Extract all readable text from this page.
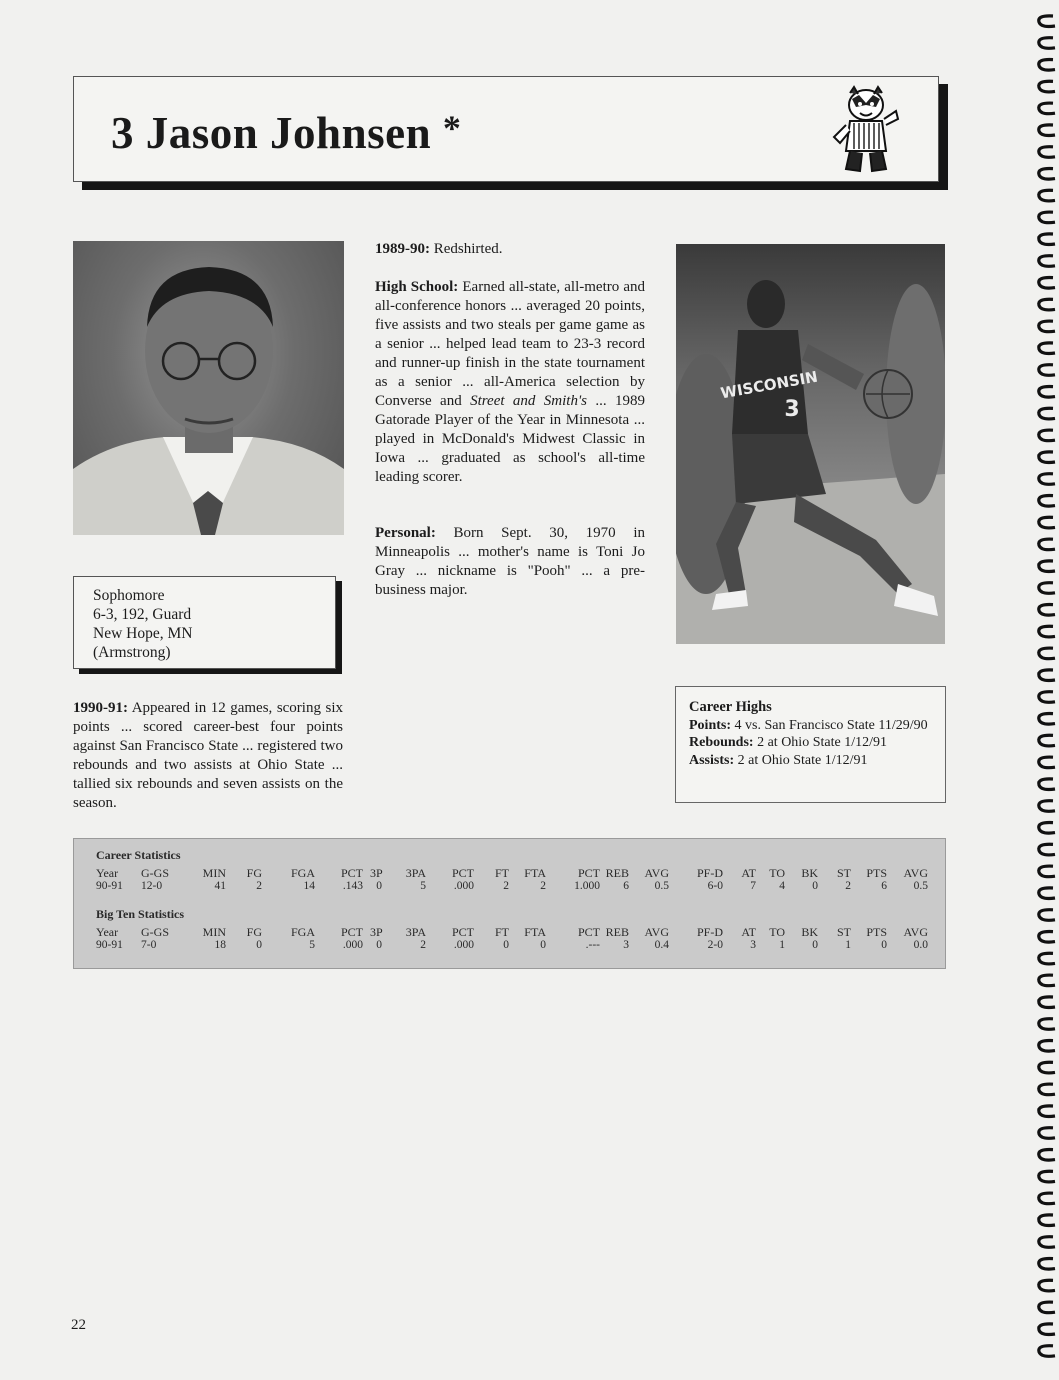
3 Jason Johnsen *
Sophomore
6-3, 192, Guard
New Hope, MN
(Armstrong)
1990-91: Appeared in 12 games, scoring six points ... scored career-best four points against San Francisco State ... registered two rebounds and two assists at Ohio State ... tallied six rebounds and seven assists on the season.
1989-90: Redshirted.
High School: Earned all-state, all-metro and all-conference honors ... averaged 20 points, five assists and two steals per game game as a senior ... helped lead team to 23-3 record and runner-up finish in the state tournament as a senior ... all-America selection by Converse and Street and Smith's ... 1989 Gatorade Player of the Year in Minnesota ... played in McDonald's Midwest Classic in Iowa ... graduated as school's all-time leading scorer.
Personal: Born Sept. 30, 1970 in Minneapolis ... mother's name is Toni Jo Gray ... nickname is "Pooh" ... a pre-business major.
WISCONSIN
3
Career Highs
Points: 4 vs. San Francisco State 11/29/90
Rebounds: 2 at Ohio State 1/12/91
Assists: 2 at Ohio State 1/12/91
Career Statistics
Big Ten Statistics
Year	G-GS	MIN	FG	FGA	PCT 3P	3PA	PCT	FT	FTA	PCT REB	AVG	PF-D	AT	TO	BK	ST PTS AVG
90-91	12-0	41	2	14	.143	0	5	.000	2	2	1.000	6	0.5	6-0	7	4	0	2	6	0.5
Year	G-GS	MIN	FG	FGA	PCT 3P	3PA	PCT	FT	FTA	PCT REB	AVG	PF-D	AT	TO	BK	ST PTS AVG
90-91	7-0	18	0	5	.000	0	2	.000	0	0	.---	3	0.4	2-0	3	1	0	1	0	0.0
22
